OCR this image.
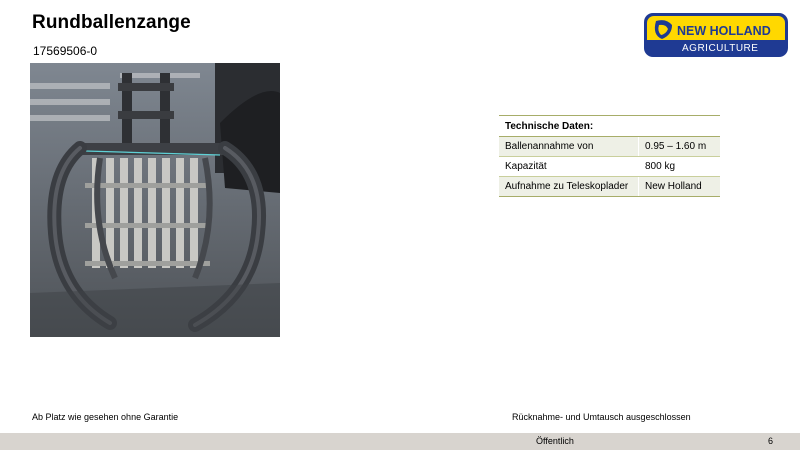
Rundballenzange
17569506-0
NEW HOLLAND
AGRICULTURE
Technische Daten:	
Ballenannahme von	0.95 – 1.60 m
Kapazität	800 kg
Aufnahme zu Teleskoplader	New Holland
Ab Platz wie gesehen ohne Garantie	Rücknahme- und Umtausch ausgeschlossen
Öffentlich	6
